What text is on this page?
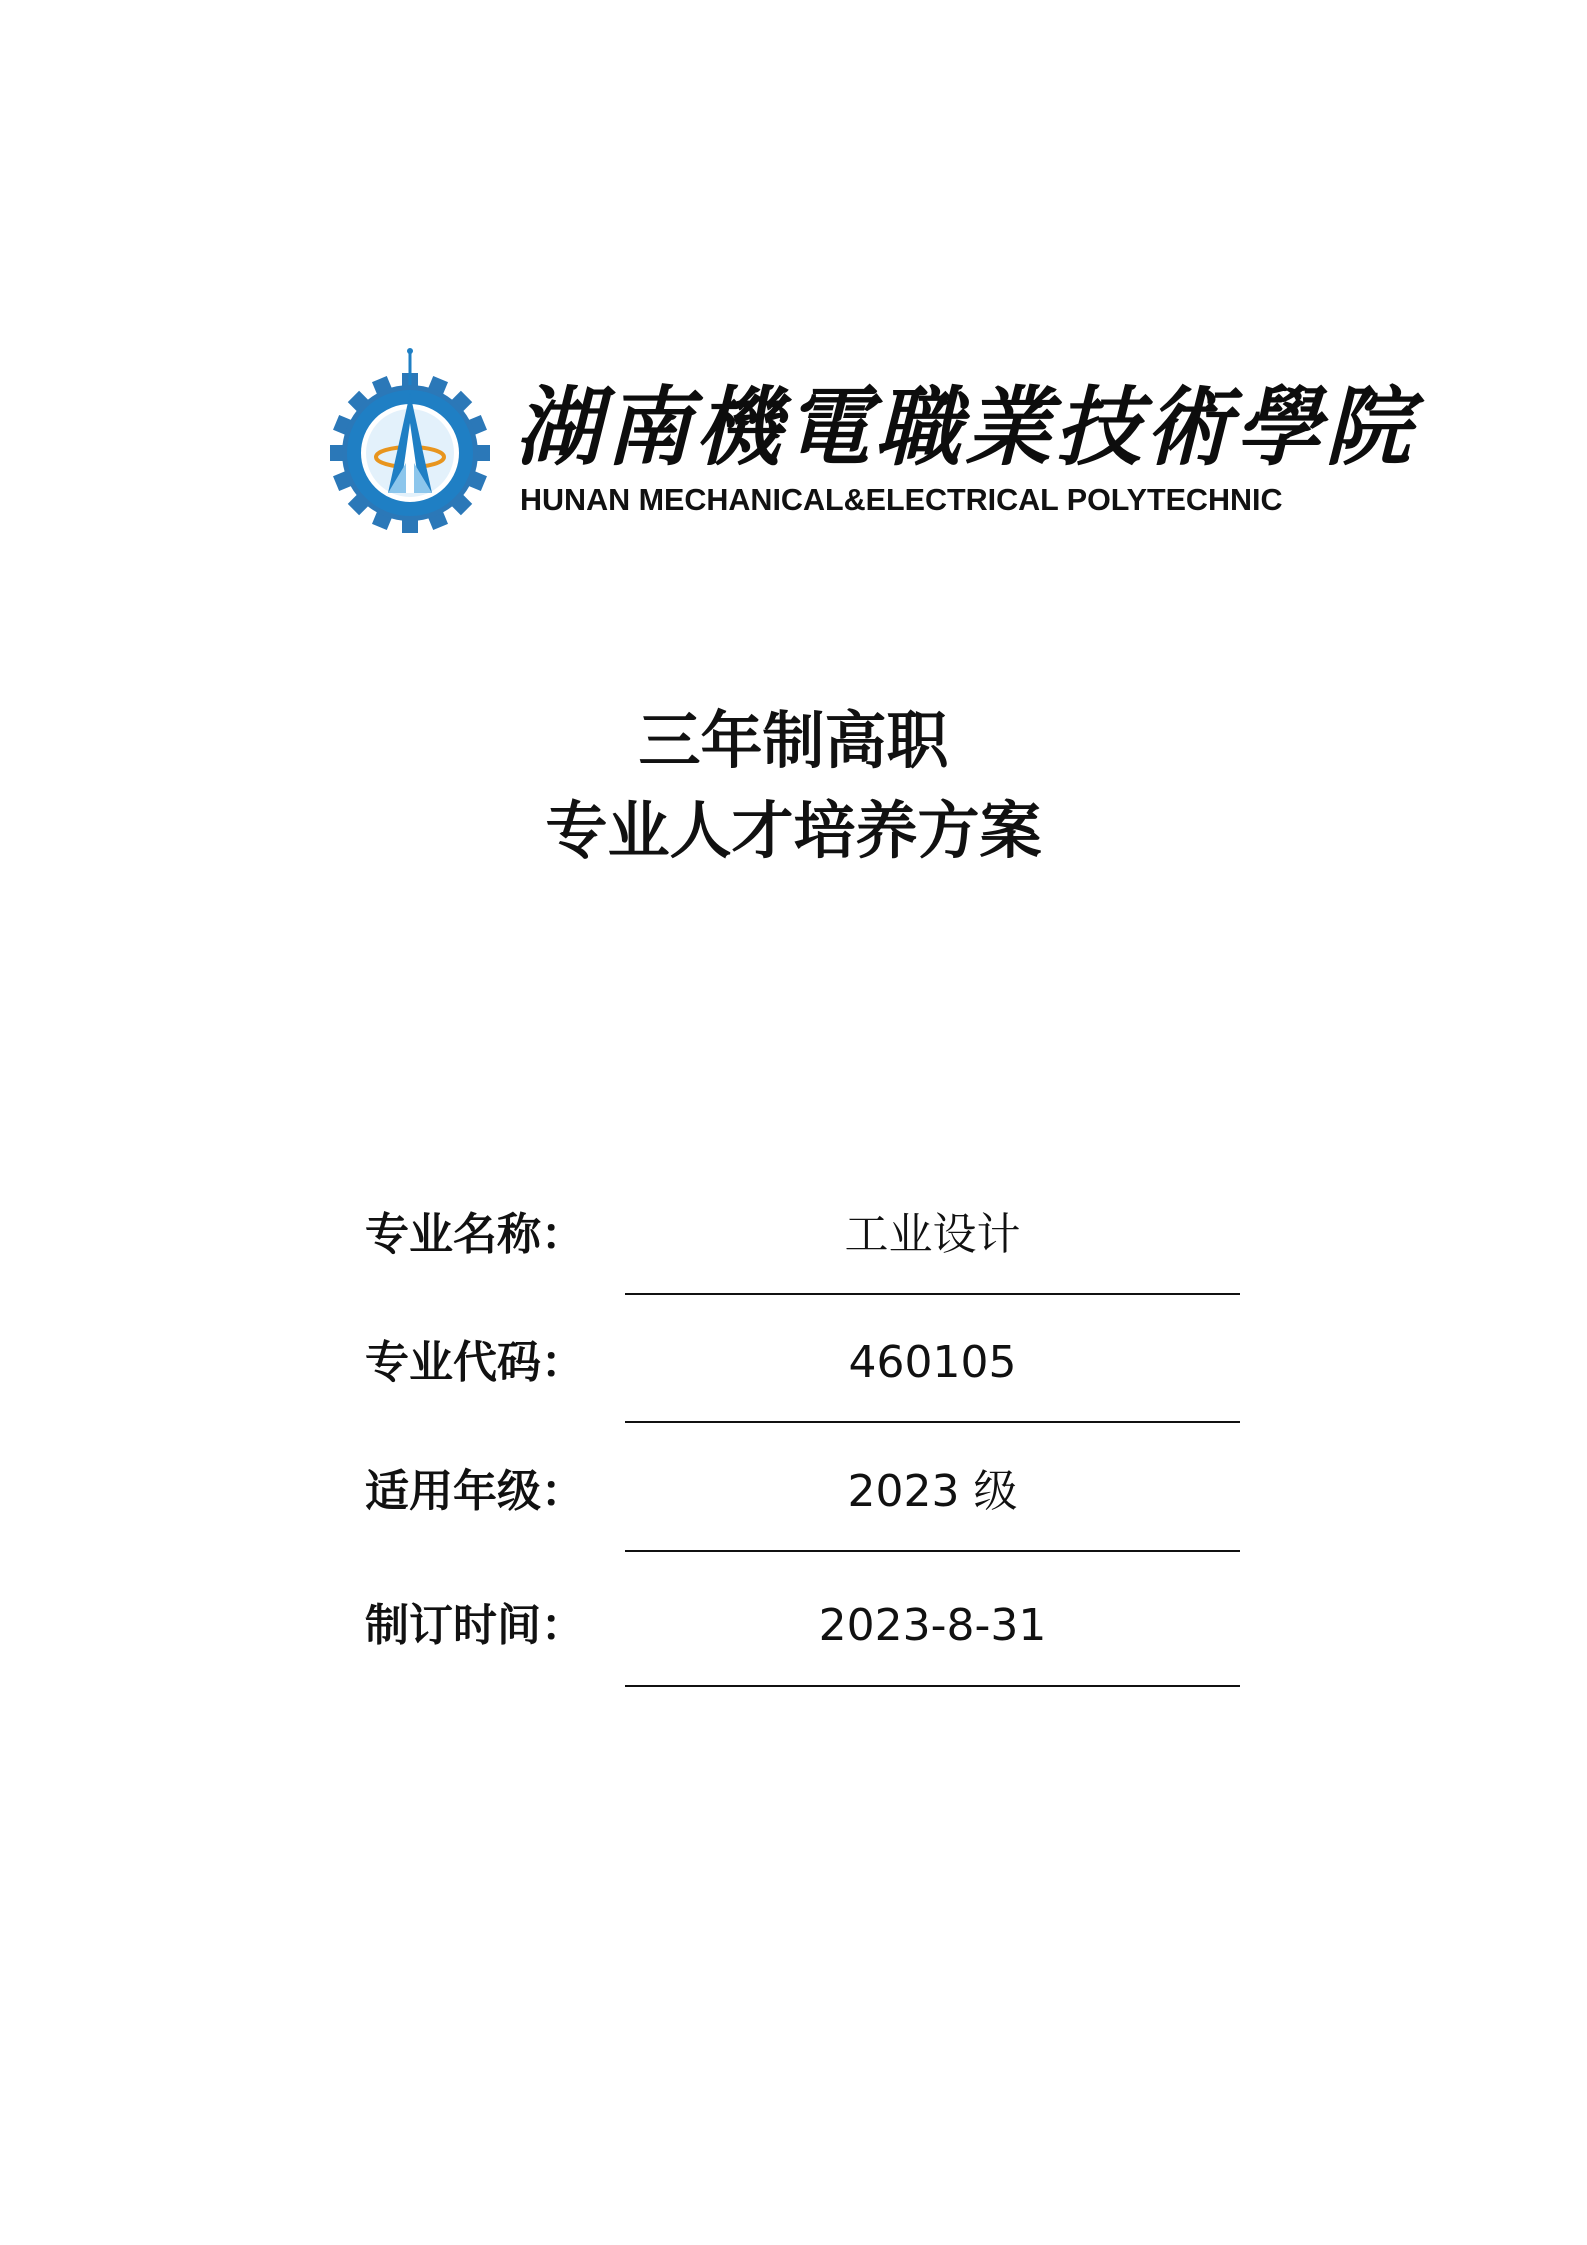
湖南機電職業技術學院
HUNAN MECHANICAL&ELECTRICAL POLYTECHNIC
三年制高职
专业人才培养方案
专业名称：	工业设计
专业代码：	460105
适用年级：	2023 级
制订时间：	2023-8-31
